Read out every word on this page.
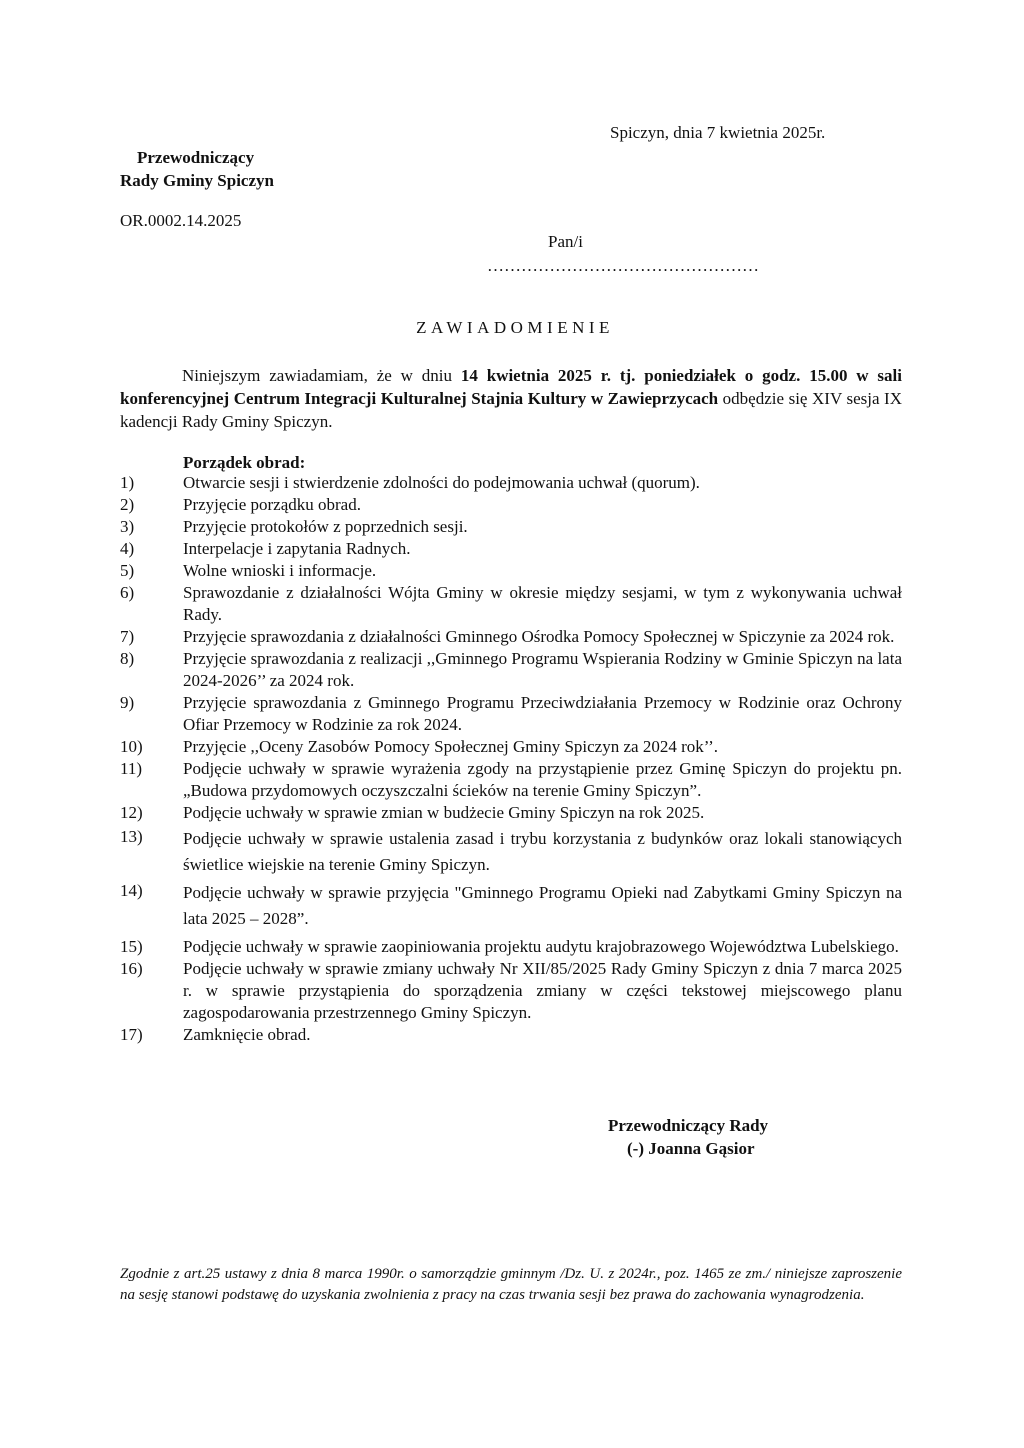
Spiczyn, dnia 7 kwietnia 2025r.
Przewodniczący
Rady Gminy Spiczyn
OR.0002.14.2025
Pan/i
…………………………………………
ZAWIADOMIENIE
Niniejszym zawiadamiam, że w dniu 14 kwietnia 2025 r. tj. poniedziałek o godz. 15.00 w sali konferencyjnej Centrum Integracji Kulturalnej Stajnia Kultury w Zawieprzycach odbędzie się XIV sesja IX kadencji Rady Gminy Spiczyn.
Porządek obrad:
1)	Otwarcie sesji i stwierdzenie zdolności do podejmowania uchwał (quorum).
2)	Przyjęcie porządku obrad.
3)	Przyjęcie protokołów z poprzednich sesji.
4)	Interpelacje i zapytania Radnych.
5)	Wolne wnioski i informacje.
6)	Sprawozdanie z działalności Wójta Gminy w okresie między sesjami, w tym z wykonywania uchwał Rady.
7)	Przyjęcie sprawozdania z działalności Gminnego Ośrodka Pomocy Społecznej w Spiczynie za 2024 rok.
8)	Przyjęcie sprawozdania z realizacji ,,Gminnego Programu Wspierania Rodziny w Gminie Spiczyn na lata 2024-2026’’ za 2024 rok.
9)	Przyjęcie sprawozdania z Gminnego Programu Przeciwdziałania Przemocy w Rodzinie oraz Ochrony Ofiar Przemocy w Rodzinie za rok 2024.
10)	Przyjęcie ,,Oceny Zasobów Pomocy Społecznej Gminy Spiczyn za 2024 rok’’.
11)	Podjęcie uchwały w sprawie wyrażenia zgody na przystąpienie przez Gminę Spiczyn do projektu pn. „Budowa przydomowych oczyszczalni ścieków na terenie Gminy Spiczyn”.
12)	Podjęcie uchwały w sprawie zmian w budżecie Gminy Spiczyn na rok 2025.
13)	Podjęcie uchwały w sprawie ustalenia zasad i trybu korzystania z budynków oraz lokali stanowiących świetlice wiejskie na terenie Gminy Spiczyn.
14)	Podjęcie uchwały w sprawie przyjęcia "Gminnego Programu Opieki nad Zabytkami Gminy Spiczyn na lata 2025 – 2028”.
15)	Podjęcie uchwały w sprawie zaopiniowania projektu audytu krajobrazowego Województwa Lubelskiego.
16)	Podjęcie uchwały w sprawie zmiany uchwały Nr XII/85/2025 Rady Gminy Spiczyn z dnia 7 marca 2025 r. w sprawie przystąpienia do sporządzenia zmiany w części tekstowej miejscowego planu zagospodarowania przestrzennego Gminy Spiczyn.
17)	Zamknięcie obrad.
Przewodniczący Rady
(-) Joanna Gąsior
Zgodnie z art.25 ustawy z dnia 8 marca 1990r. o samorządzie gminnym /Dz. U. z 2024r., poz. 1465 ze zm./ niniejsze zaproszenie na sesję stanowi podstawę do uzyskania zwolnienia z pracy na czas trwania sesji bez prawa do zachowania wynagrodzenia.
